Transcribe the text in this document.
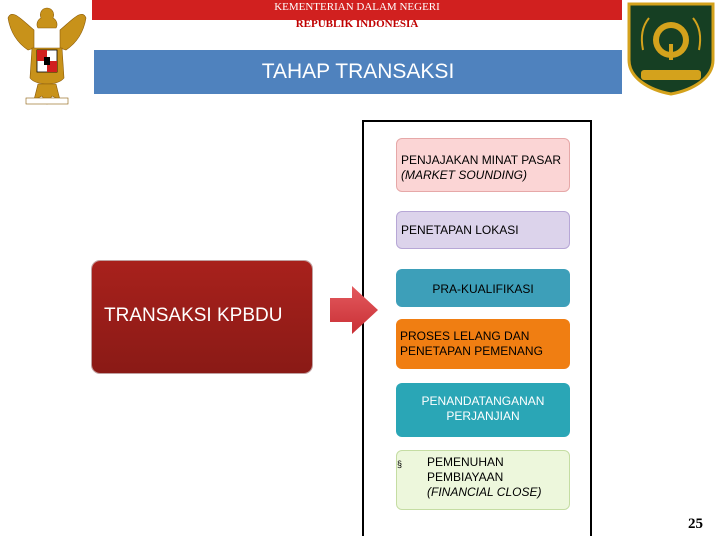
KEMENTERIAN DALAM NEGERI
REPUBLIK INDONESIA
TAHAP TRANSAKSI
TRANSAKSI KPBDU
PENJAJAKAN MINAT PASAR
(MARKET SOUNDING)
PENETAPAN LOKASI
PRA-KUALIFIKASI
PROSES LELANG DAN
PENETAPAN PEMENANG
PENANDATANGANAN
PERJANJIAN
§ PEMENUHAN
PEMBIAYAAN
(FINANCIAL CLOSE)
25
